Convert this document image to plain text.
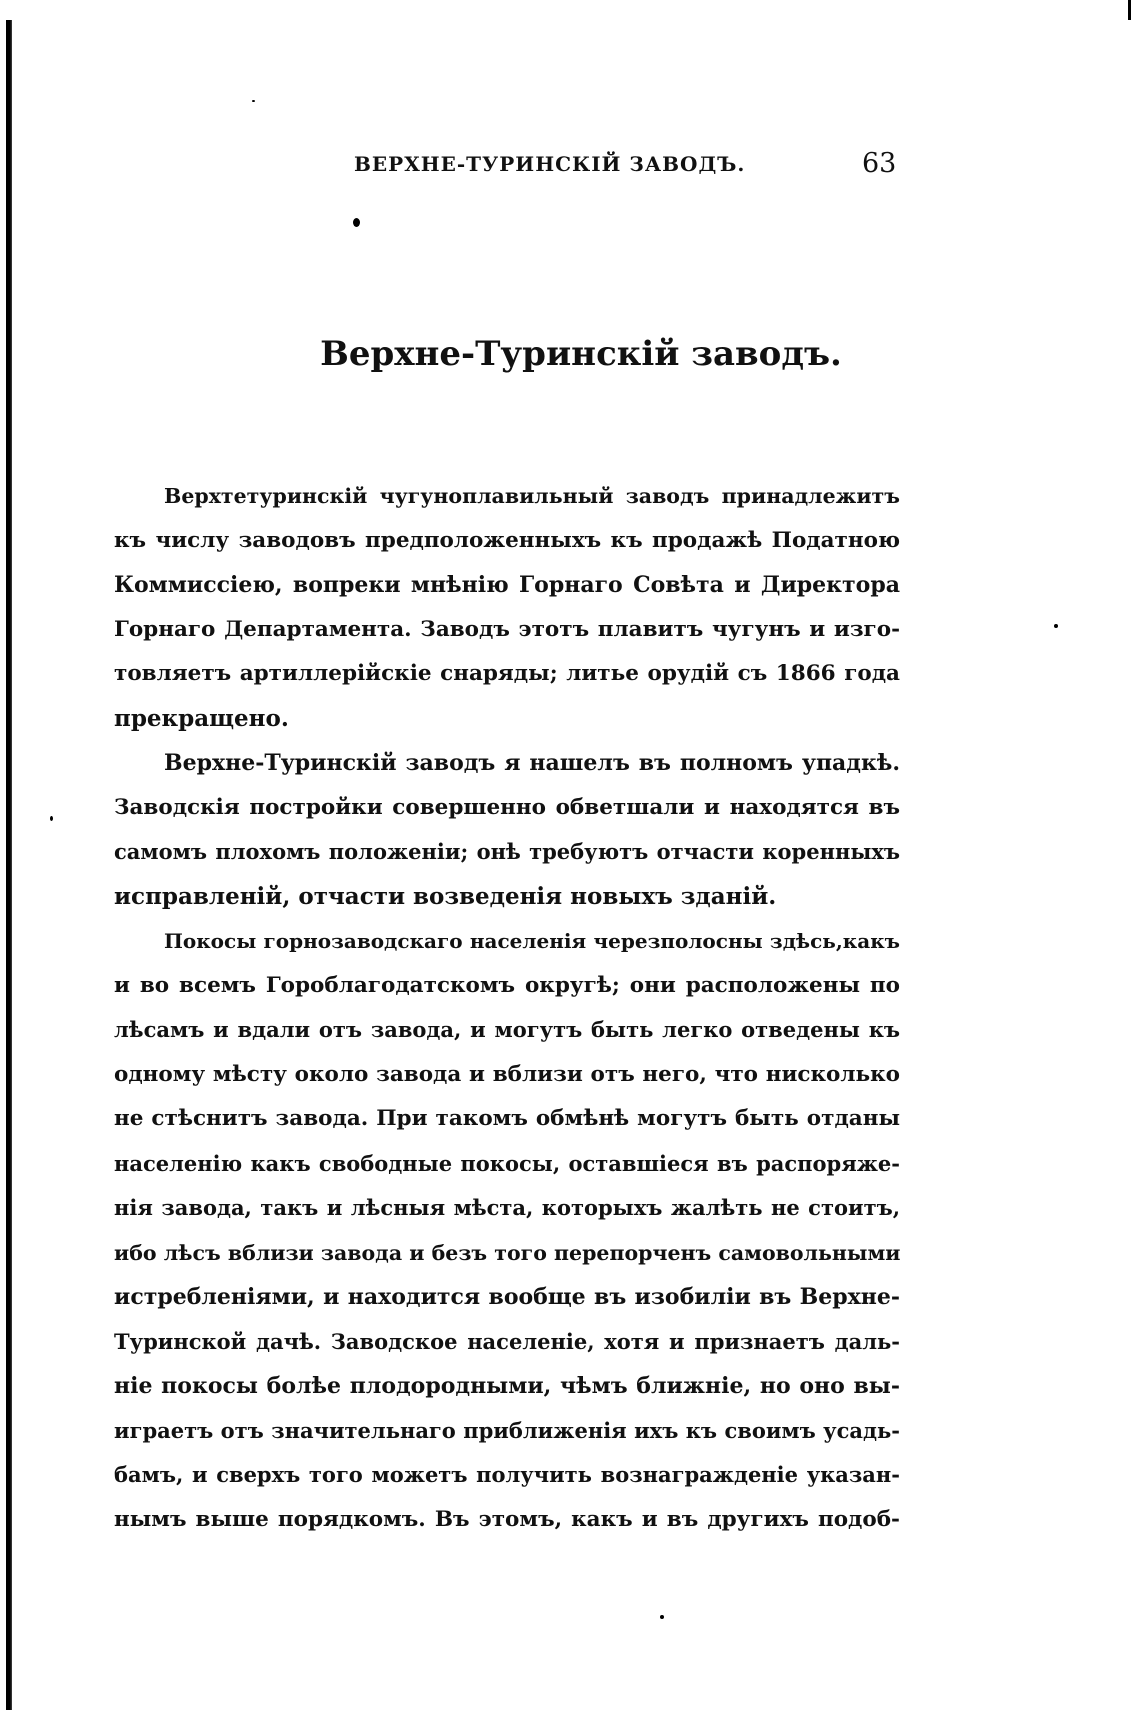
ВЕРХНЕ-ТУРИНСКІЙ ЗАВОДЪ.	63
Верхне-Туринскій заводъ.
Верхтетуринскій чугуноплавильный заводъ принадлежитъ
къ числу заводовъ предположенныхъ къ продажѣ Податною
Коммиссіею, вопреки мнѣнію Горнаго Совѣта и Директора
Горнаго Департамента. Заводъ этотъ плавитъ чугунъ и изго-
товляетъ артиллерійскіе снаряды; литье орудій съ 1866 года
прекращено.
Верхне-Туринскій заводъ я нашелъ въ полномъ упадкѣ.
Заводскія постройки совершенно обветшали и находятся въ
самомъ плохомъ положеніи; онѣ требуютъ отчасти коренныхъ
исправленій, отчасти возведенія новыхъ зданій.
Покосы горнозаводскаго населенія черезполосны здѣсь,какъ
и во всемъ Гороблагодатскомъ округѣ; они расположены по
лѣсамъ и вдали отъ завода, и могутъ быть легко отведены къ
одному мѣсту около завода и вблизи отъ него, что нисколько
не стѣснитъ завода. При такомъ обмѣнѣ могутъ быть отданы
населенію какъ свободные покосы, оставшіеся въ распоряже-
нія завода, такъ и лѣсныя мѣста, которыхъ жалѣть не стоитъ,
ибо лѣсъ вблизи завода и безъ того перепорченъ самовольными
истребленіями, и находится вообще въ изобиліи въ Верхне-
Туринской дачѣ. Заводское населеніе, хотя и признаетъ даль-
ніе покосы болѣе плодородными, чѣмъ ближніе, но оно вы-
играетъ отъ значительнаго приближенія ихъ къ своимъ усадь-
бамъ, и сверхъ того можетъ получить вознагражденіе указан-
нымъ выше порядкомъ. Въ этомъ, какъ и въ другихъ подоб-
